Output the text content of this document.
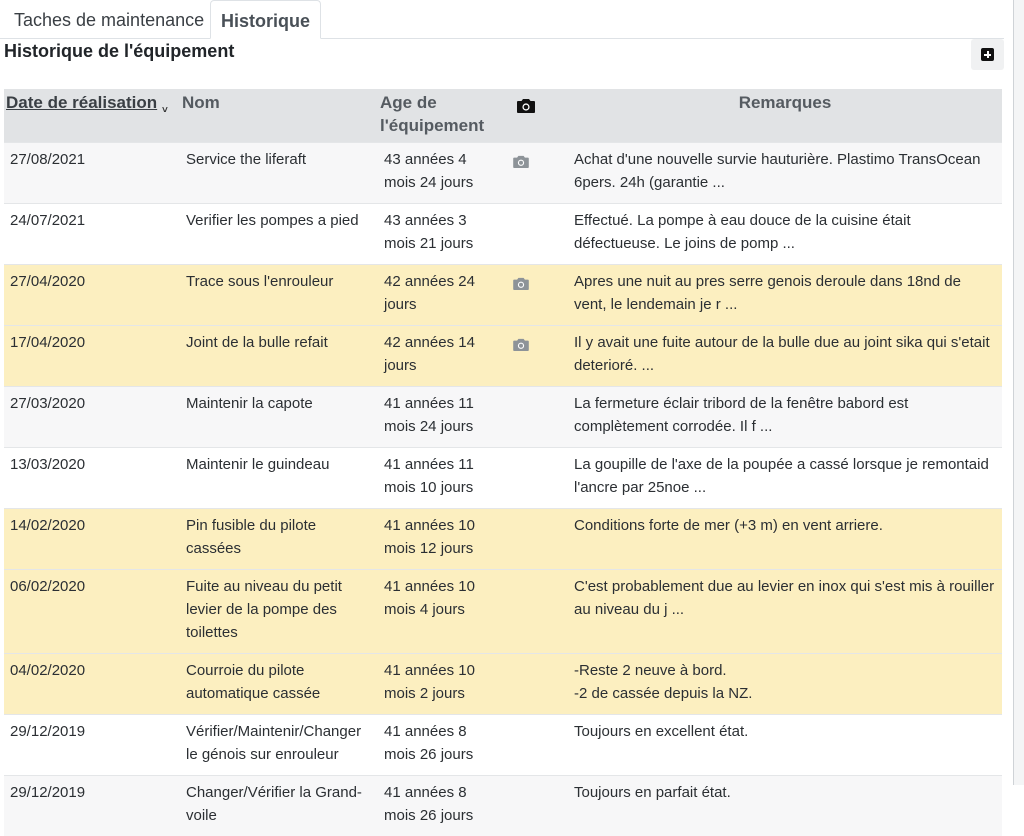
Taches de maintenance Historique
Historique de l'équipement
Date de réalisation ˅	Nom	Age de
l'équipement		Remarques
27/08/2021	Service the liferaft	43 années 4 mois 24 jours		Achat d'une nouvelle survie hauturière. Plastimo TransOcean 6pers. 24h (garantie ...

24/07/2021	Verifier les pompes a pied	43 années 3 mois 21 jours		Effectué. La pompe à eau douce de la cuisine était défectueuse. Le joins de pomp ...

27/04/2020	Trace sous l'enrouleur	42 années 24 jours		Apres une nuit au pres serre genois deroule dans 18nd de vent, le lendemain je r ...

17/04/2020	Joint de la bulle refait	42 années 14 jours		Il y avait une fuite autour de la bulle due au joint sika qui s'etait deterioré. ...

27/03/2020	Maintenir la capote	41 années 11 mois 24 jours		La fermeture éclair tribord de la fenêtre babord est complètement corrodée. Il f ...

13/03/2020	Maintenir le guindeau	41 années 11 mois 10 jours		La goupille de l'axe de la poupée a cassé lorsque je remontaid l'ancre par 25noe ...

14/02/2020	Pin fusible du pilote cassées	41 années 10 mois 12 jours		Conditions forte de mer (+3 m) en vent arriere.

06/02/2020	Fuite au niveau du petit levier de la pompe des toilettes	41 années 10 mois 4 jours		C'est probablement due au levier en inox qui s'est mis à rouiller au niveau du j ...

04/02/2020	Courroie du pilote automatique cassée	41 années 10 mois 2 jours		-Reste 2 neuve à bord.
-2 de cassée depuis la NZ.

29/12/2019	Vérifier/Maintenir/Changer le génois sur enrouleur	41 années 8 mois 26 jours		Toujours en excellent état.

29/12/2019	Changer/Vérifier la Grand-voile	41 années 8 mois 26 jours		Toujours en parfait état.
